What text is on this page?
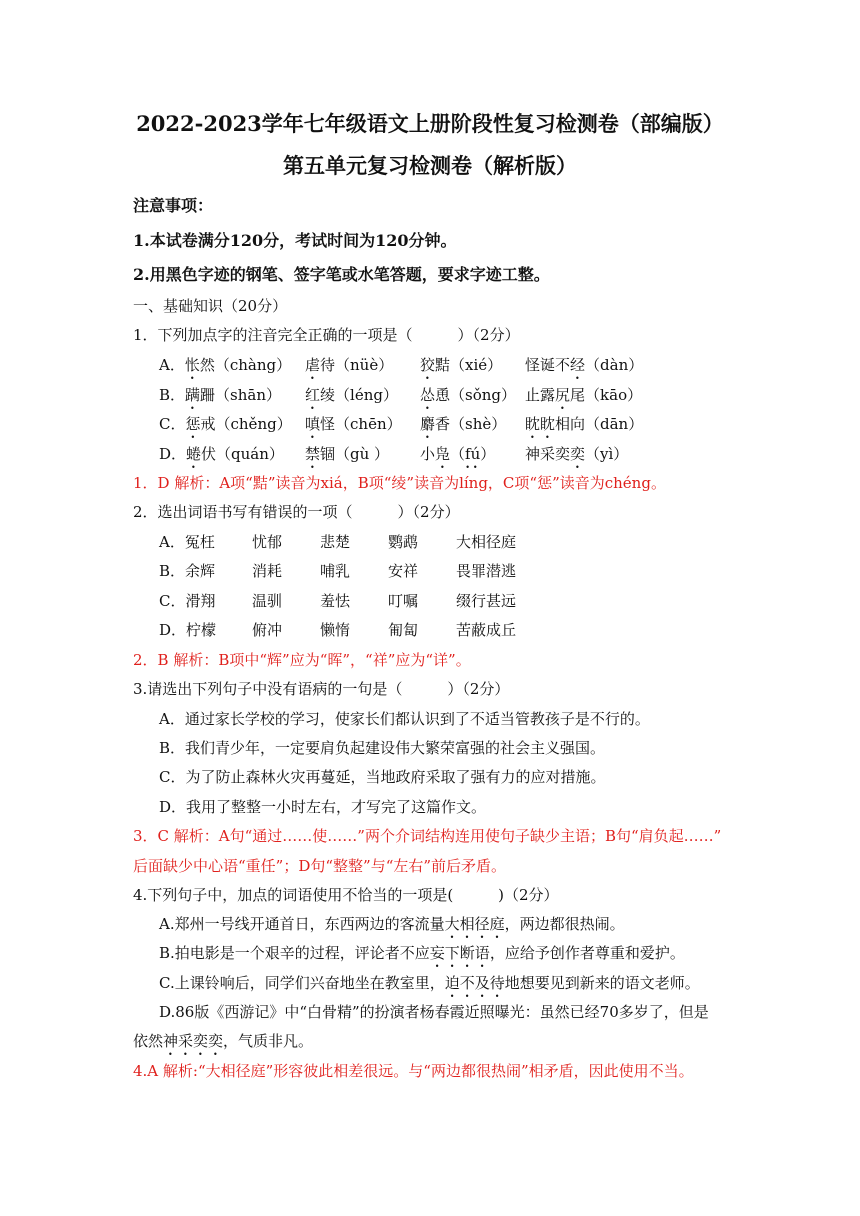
2022-2023学年七年级语文上册阶段性复习检测卷（部编版）
第五单元复习检测卷（解析版）
注意事项：
1.本试卷满分120分，考试时间为120分钟。
2.用黑色字迹的钢笔、签字笔或水笔答题，要求字迹工整。
一、基础知识（20分）
1．下列加点字的注音完全正确的一项是（　　　）（2分）
A．怅然（chàng） 虐待（nüè） 狡黠（xié） 怪诞不经（dàn）
B．蹒跚（shān） 红绫（léng） 怂恿（sǒng） 止露尻尾（kāo）
C．惩戒（chěng） 嗔怪（chēn） 麝香（shè） 眈眈相向（dān）
D．蜷伏（quán） 禁锢（gù ） 小凫（fú） 神采奕奕（yì）
1．D 解析：A项“黠”读音为xiá，B项“绫”读音为líng，C项“惩”读音为chéng。
2．选出词语书写有错误的一项（　　　）（2分）
A．冤枉 忧郁	悲楚	鹦鹉	大相径庭
B．余辉 消耗	哺乳	安祥	畏罪潜逃
C．滑翔 温驯	羞怯	叮嘱	缀行甚远
D．柠檬 俯冲	懒惰	匍匐	苦蔽成丘
2．B 解析：B项中“辉”应为“晖”，“祥”应为“详”。
3.请选出下列句子中没有语病的一句是（　　　）（2分）
A．通过家长学校的学习，使家长们都认识到了不适当管教孩子是不行的。
B．我们青少年，一定要肩负起建设伟大繁荣富强的社会主义强国。
C．为了防止森林火灾再蔓延，当地政府采取了强有力的应对措施。
D．我用了整整一小时左右，才写完了这篇作文。
3．C 解析：A句“通过……使……”两个介词结构连用使句子缺少主语；B句“肩负起……”
后面缺少中心语“重任”；D句“整整”与“左右”前后矛盾。
4.下列句子中，加点的词语使用不恰当的一项是(　　　)（2分）
A.郑州一号线开通首日，东西两边的客流量大相径庭，两边都很热闹。
B.拍电影是一个艰辛的过程，评论者不应妄下断语，应给予创作者尊重和爱护。
C.上课铃响后，同学们兴奋地坐在教室里，迫不及待地想要见到新来的语文老师。
D.86版《西游记》中“白骨精”的扮演者杨春霞近照曝光：虽然已经70多岁了，但是
依然神采奕奕，气质非凡。
4.A 解析:“大相径庭”形容彼此相差很远。与“两边都很热闹”相矛盾，因此使用不当。
